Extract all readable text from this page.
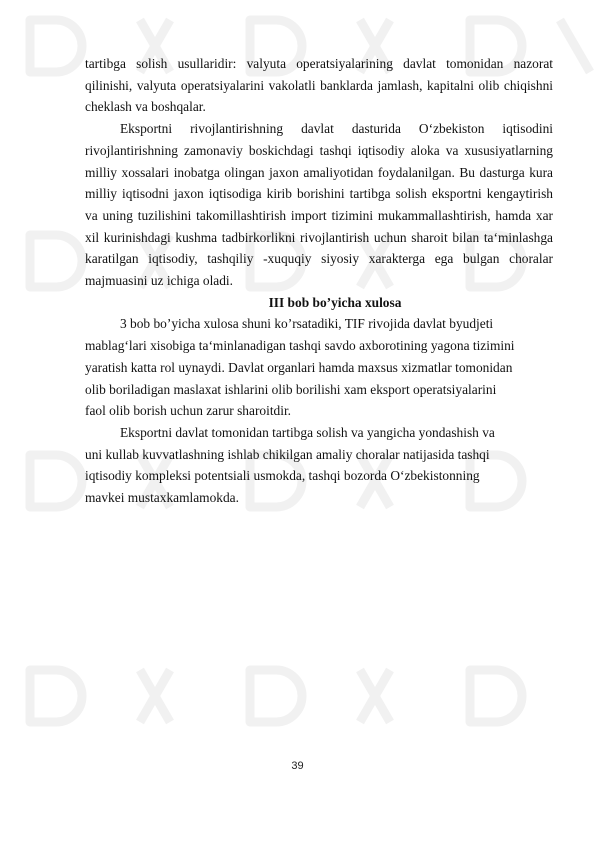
tartibga solish usullaridir: valyuta operatsiyalarining davlat tomonidan nazorat qilinishi, valyuta operatsiyalarini vakolatli banklarda jamlash, kapitalni olib chiqishni cheklash va boshqalar.

Eksportni rivojlantirishning davlat dasturida O‘zbekiston iqtisodini rivojlantirishning zamonaviy boskichdagi tashqi iqtisodiy aloka va xususiyatlarning milliy xossalari inobatga olingan jaxon amaliyotidan foydalanilgan. Bu dasturga kura milliy iqtisodni jaxon iqtisodiga kirib borishini tartibga solish eksportni kengaytirish va uning tuzilishini takomillashtirish import tizimini mukammallashtirish, hamda xar xil kurinishdagi kushma tadbirkorlikni rivojlantirish uchun sharoit bilan ta‘minlashga karatilgan iqtisodiy, tashqiliy -xuquqiy siyosiy xarakterga ega bulgan choralar majmuasini uz ichiga oladi.

III bob bo’yicha xulosa

3 bob bo’yicha xulosa shuni ko’rsatadiki, TIF rivojida davlat byudjeti mablag‘lari xisobiga ta‘minlanadigan tashqi savdo axborotining yagona tizimini yaratish katta rol uynaydi. Davlat organlari hamda maxsus xizmatlar tomonidan olib boriladigan maslaxat ishlarini olib borilishi xam eksport operatsiyalarini faol olib borish uchun zarur sharoitdir.

Eksportni davlat tomonidan tartibga solish va yangicha yondashish va uni kullab kuvvatlashning ishlab chikilgan amaliy choralar natijasida tashqi iqtisodiy kompleksi potentsiali usmokda, tashqi bozorda O‘zbekistonning mavkei mustaxkamlamokda.

39
